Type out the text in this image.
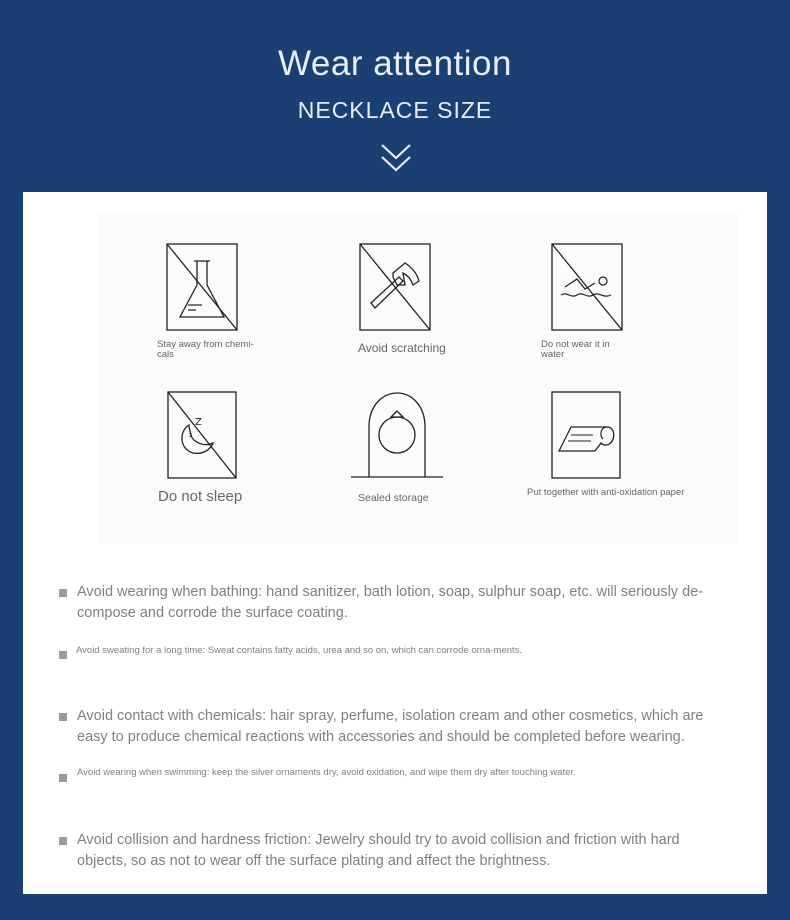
Wear attention
NECKLACE SIZE
Stay away from chemi-cals	Avoid scratching	Do not wear it in water
Z
z
Do not sleep	Sealed storage	Put together with anti-oxidation paper
Avoid wearing when bathing: hand sanitizer, bath lotion, soap, sulphur soap, etc. will seriously de-compose and corrode the surface coating.
Avoid sweating for a long time: Sweat contains fatty acids, urea and so on, which can corrode orna-ments.
Avoid contact with chemicals: hair spray, perfume, isolation cream and other cosmetics, which are easy to produce chemical reactions with accessories and should be completed before wearing.
Avoid wearing when swimming: keep the silver ornaments dry, avoid oxidation, and wipe them dry after touching water.
Avoid collision and hardness friction: Jewelry should try to avoid collision and friction with hard objects, so as not to wear off the surface plating and affect the brightness.
